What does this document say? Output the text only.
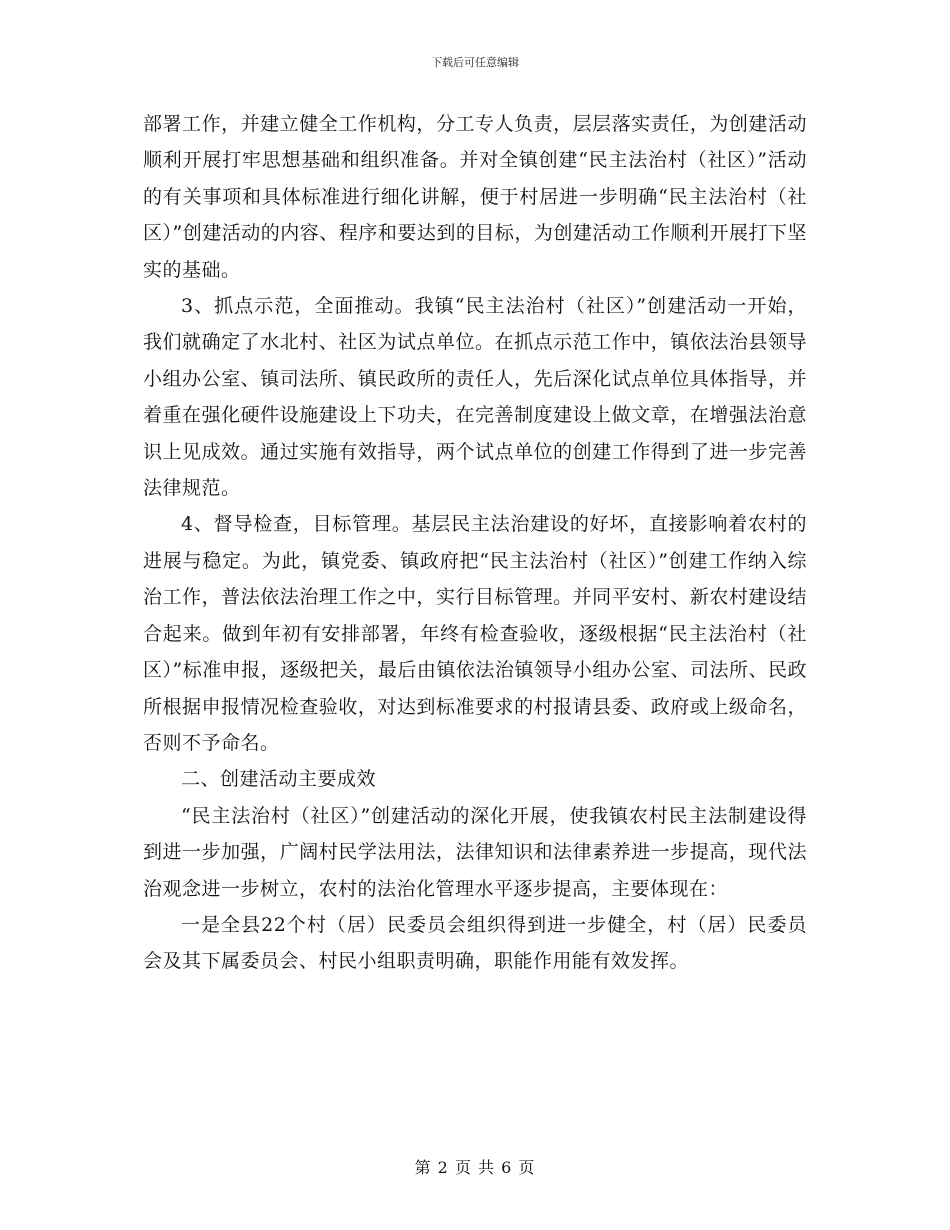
下载后可任意编辑

部署工作，并建立健全工作机构，分工专人负责，层层落实责任，为创建活动顺利开展打牢思想基础和组织准备。并对全镇创建“民主法治村（社区）”活动的有关事项和具体标准进行细化讲解，便于村居进一步明确“民主法治村（社区）”创建活动的内容、程序和要达到的目标，为创建活动工作顺利开展打下坚实的基础。

3、抓点示范，全面推动。我镇“民主法治村（社区）”创建活动一开始，我们就确定了水北村、社区为试点单位。在抓点示范工作中，镇依法治县领导小组办公室、镇司法所、镇民政所的责任人，先后深化试点单位具体指导，并着重在强化硬件设施建设上下功夫，在完善制度建设上做文章，在增强法治意识上见成效。通过实施有效指导，两个试点单位的创建工作得到了进一步完善法律规范。

4、督导检查，目标管理。基层民主法治建设的好坏，直接影响着农村的进展与稳定。为此，镇党委、镇政府把“民主法治村（社区）”创建工作纳入综治工作，普法依法治理工作之中，实行目标管理。并同平安村、新农村建设结合起来。做到年初有安排部署，年终有检查验收，逐级根据“民主法治村（社区）”标准申报，逐级把关，最后由镇依法治镇领导小组办公室、司法所、民政所根据申报情况检查验收，对达到标准要求的村报请县委、政府或上级命名，否则不予命名。

二、创建活动主要成效

“民主法治村（社区）”创建活动的深化开展，使我镇农村民主法制建设得到进一步加强，广阔村民学法用法，法律知识和法律素养进一步提高，现代法治观念进一步树立，农村的法治化管理水平逐步提高，主要体现在：

一是全县22个村（居）民委员会组织得到进一步健全，村（居）民委员会及其下属委员会、村民小组职责明确，职能作用能有效发挥。

第 2 页 共 6 页
